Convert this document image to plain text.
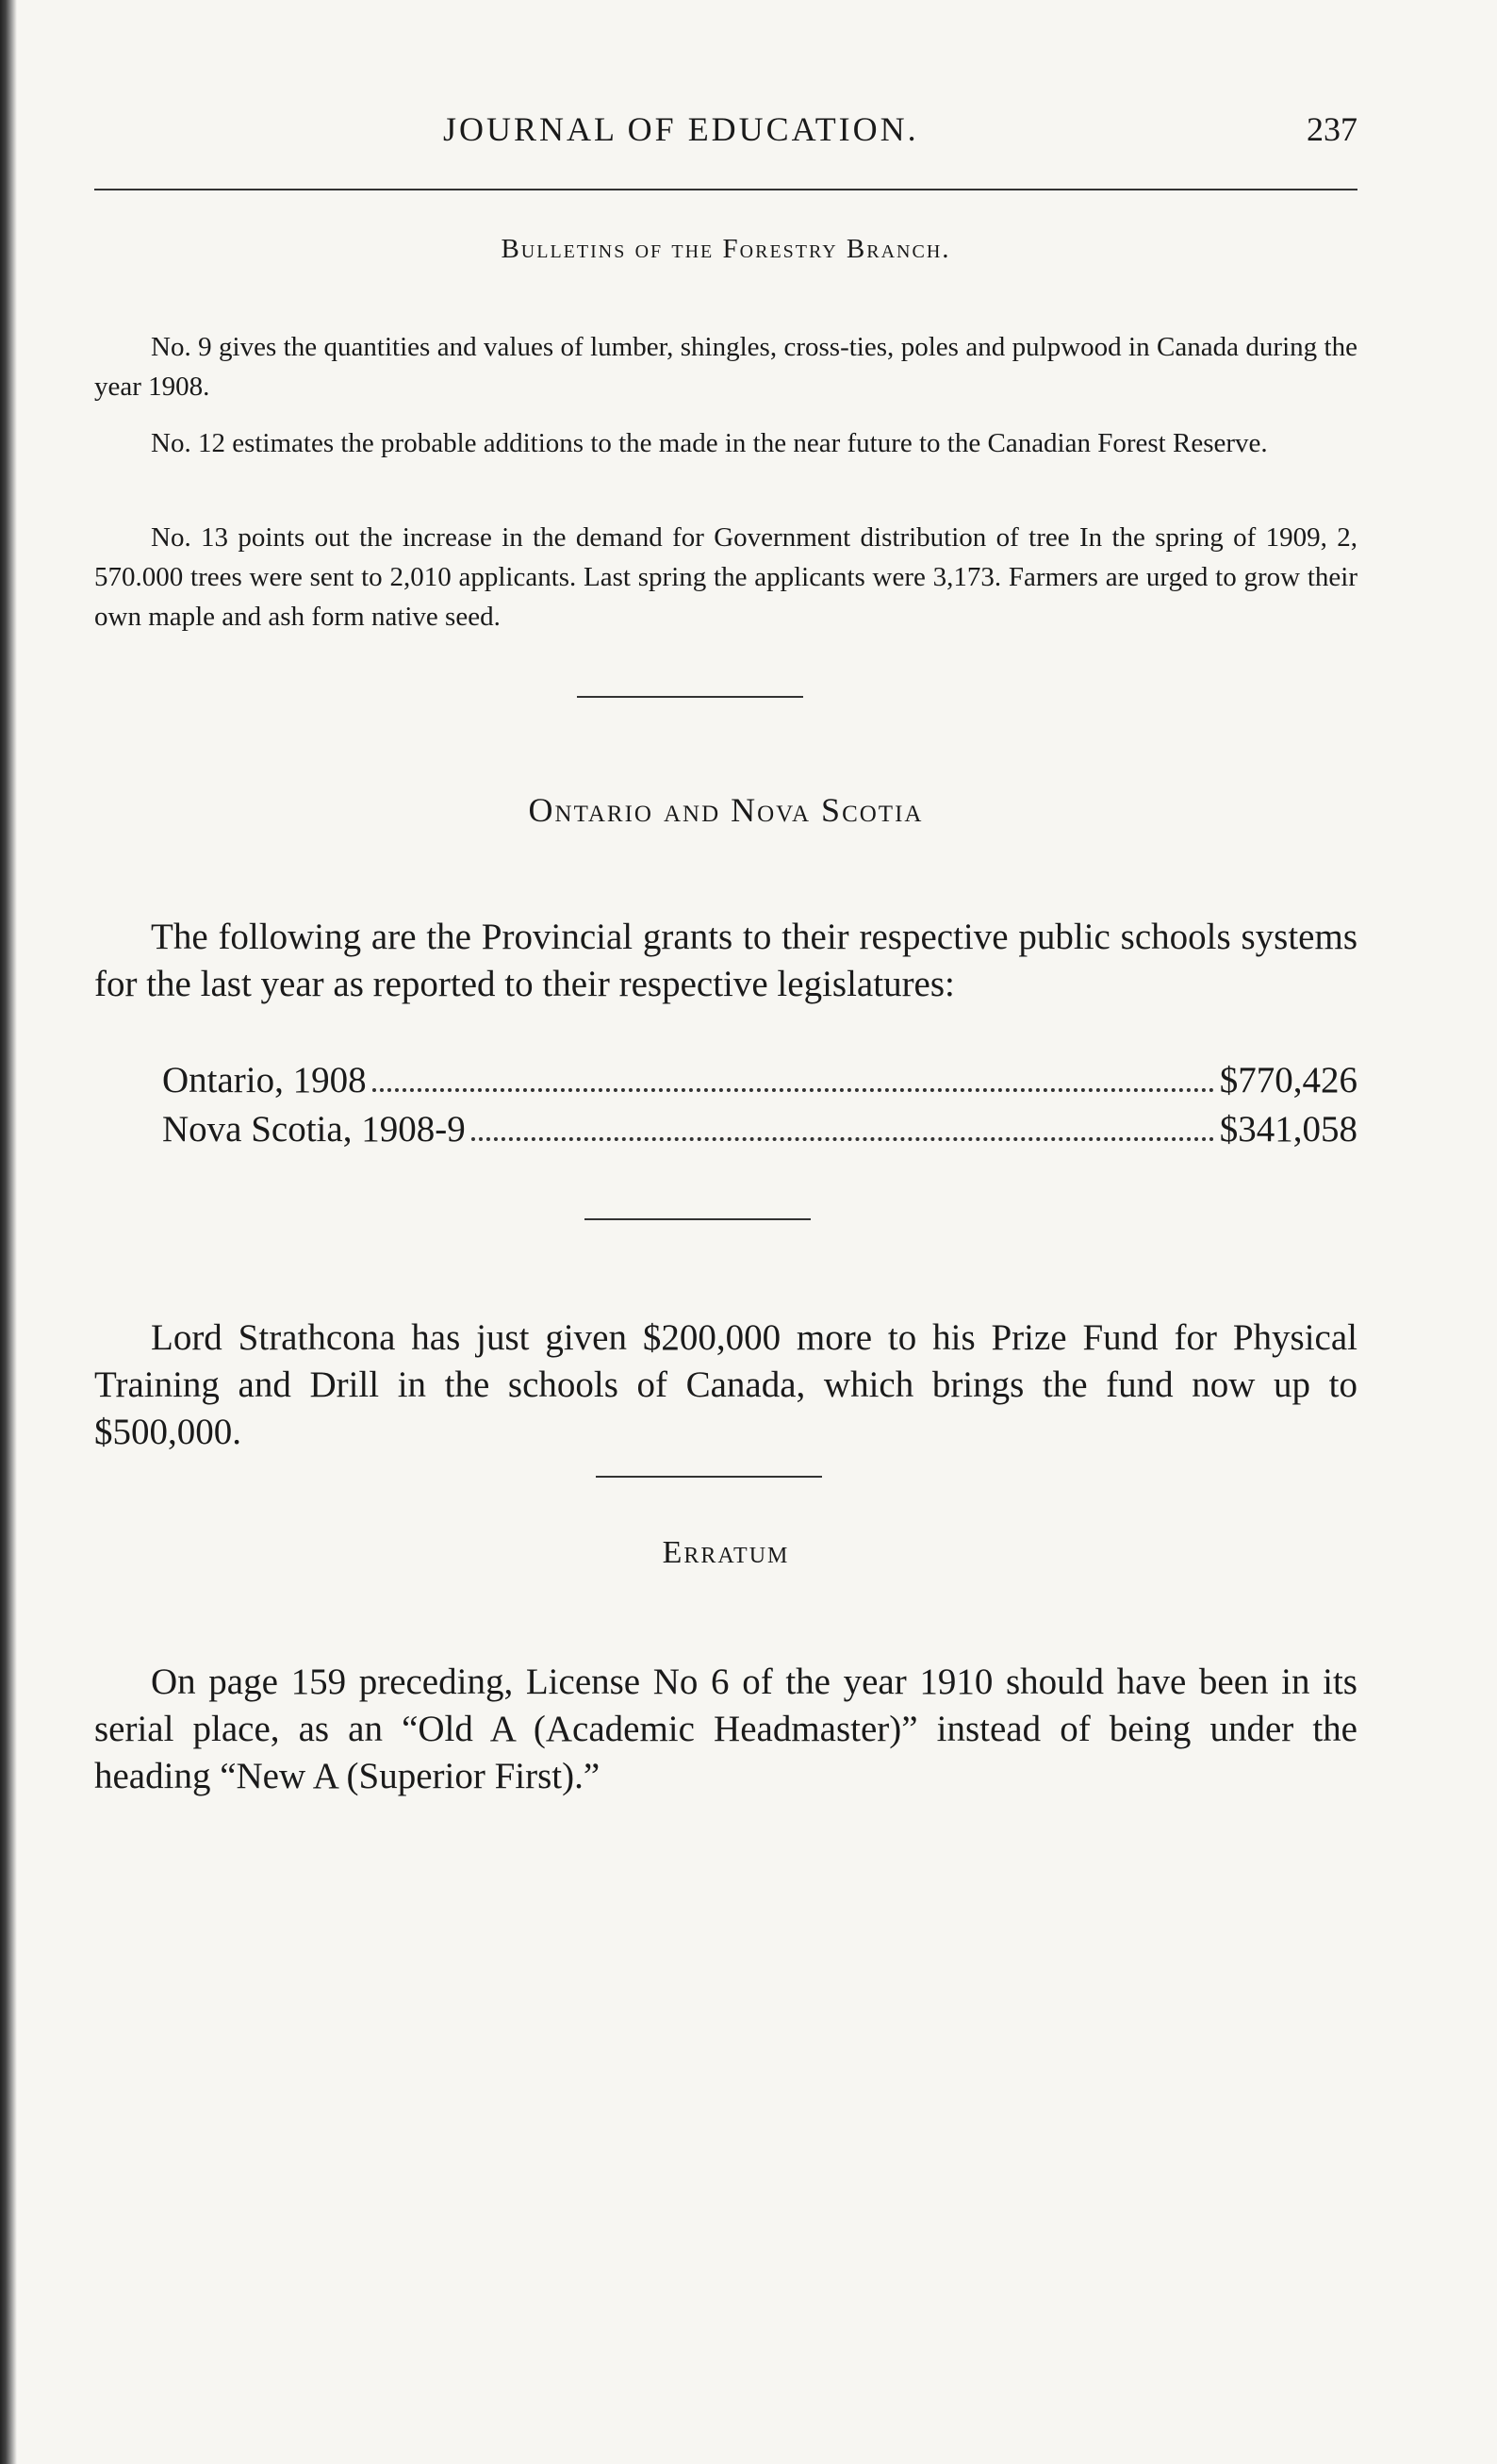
JOURNAL OF EDUCATION.	237
Bulletins of the Forestry Branch.

No. 9 gives the quantities and values of lumber, shingles, cross-ties, poles and pulpwood in Canada during the year 1908.

No. 12 estimates the probable additions to the made in the near future to the Canadian Forest Reserve.

No. 13 points out the increase in the demand for Government distribution of tree In the spring of 1909, 2, 570.000 trees were sent to 2,010 applicants. Last spring the applicants were 3,173. Farmers are urged to grow their own maple and ash form native seed.

Ontario and Nova Scotia

The following are the Provincial grants to their respective public schools systems for the last year as reported to their respective legislatures:

Ontario, 1908	$770,426
Nova Scotia, 1908-9	$341,058

Lord Strathcona has just given $200,000 more to his Prize Fund for Physical Training and Drill in the schools of Canada, which brings the fund now up to $500,000.

Erratum

On page 159 preceding, License No 6 of the year 1910 should have been in its serial place, as an “Old A (Academic Headmaster)” instead of being under the heading “New A (Superior First).”
